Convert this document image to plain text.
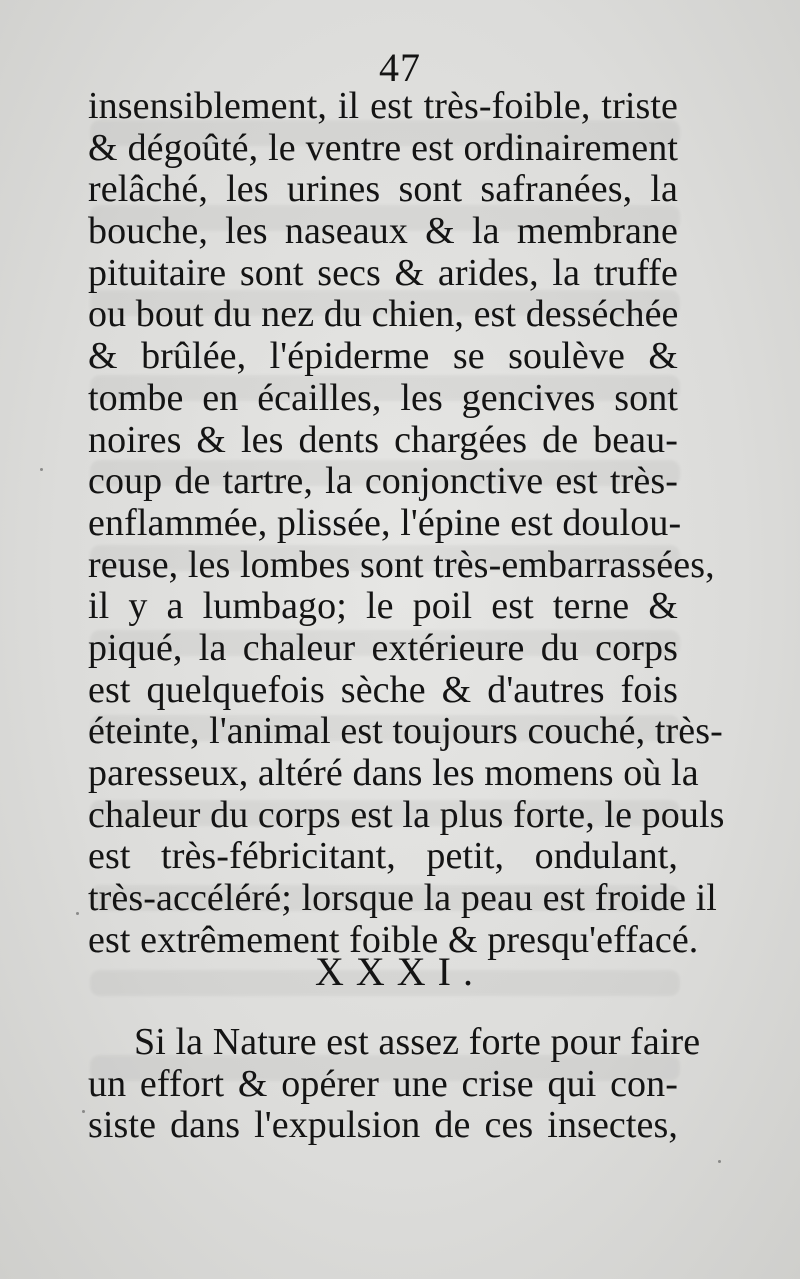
47
insensiblement, il est très-foible, triste
& dégoûté, le ventre est ordinairement
relâché, les urines sont safranées, la
bouche, les naseaux & la membrane
pituitaire sont secs & arides, la truffe
ou bout du nez du chien, est desséchée
& brûlée, l'épiderme se soulève &
tombe en écailles, les gencives sont
noires & les dents chargées de beau-
coup de tartre, la conjonctive est très-
enflammée, plissée, l'épine est doulou-
reuse, les lombes sont très-embarrassées,
il y a lumbago; le poil est terne &
piqué, la chaleur extérieure du corps
est quelquefois sèche & d'autres fois
éteinte, l'animal est toujours couché, très-
paresseux, altéré dans les momens où la
chaleur du corps est la plus forte, le pouls
est très-fébricitant, petit, ondulant,
très-accéléré; lorsque la peau est froide il
est extrêmement foible & presqu'effacé.
XXXI.
Si la Nature est assez forte pour faire
un effort & opérer une crise qui con-
siste dans l'expulsion de ces insectes,
